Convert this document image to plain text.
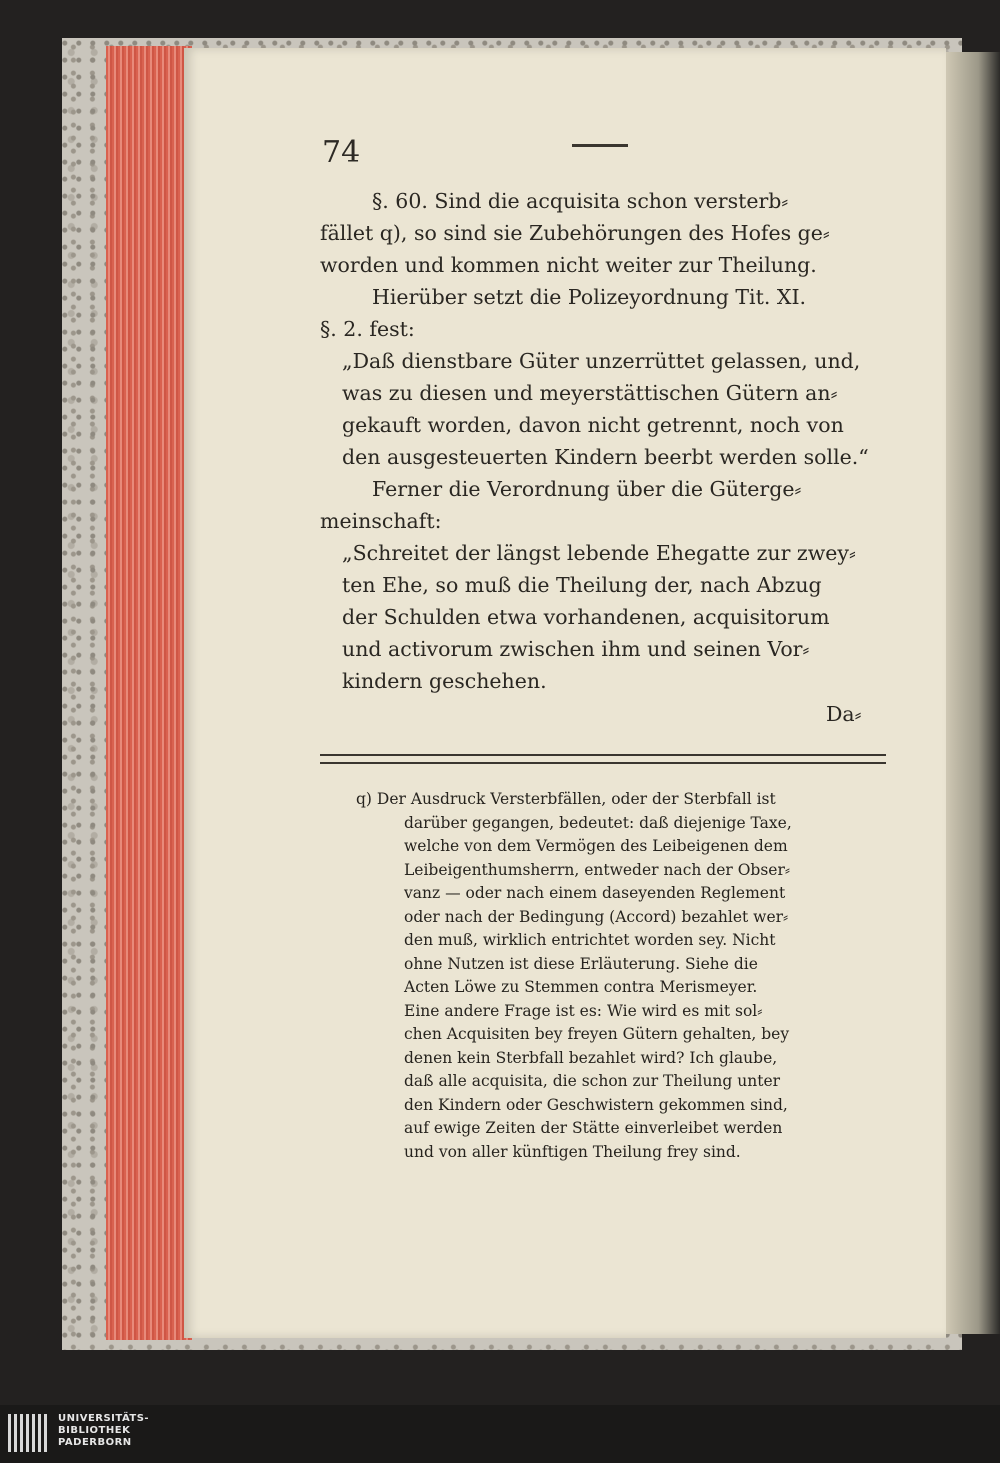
74
§. 60. Sind die acquisita schon versterb⸗
fället q), so sind sie Zubehörungen des Hofes ge⸗
worden und kommen nicht weiter zur Theilung.
Hierüber setzt die Polizeyordnung Tit. XI.
§. 2. fest:
„Daß dienstbare Güter unzerrüttet gelassen, und,
was zu diesen und meyerstättischen Gütern an⸗
gekauft worden, davon nicht getrennt, noch von
den ausgesteuerten Kindern beerbt werden solle.“
Ferner die Verordnung über die Güterge⸗
meinschaft:
„Schreitet der längst lebende Ehegatte zur zwey⸗
ten Ehe, so muß die Theilung der, nach Abzug
der Schulden etwa vorhandenen, acquisitorum
und activorum zwischen ihm und seinen Vor⸗
kindern geschehen.
Da⸗
q) Der Ausdruck Versterbfällen, oder der Sterbfall ist
darüber gegangen, bedeutet: daß diejenige Taxe,
welche von dem Vermögen des Leibeigenen dem
Leibeigenthumsherrn, entweder nach der Obser⸗
vanz — oder nach einem daseyenden Reglement
oder nach der Bedingung (Accord) bezahlet wer⸗
den muß, wirklich entrichtet worden sey. Nicht
ohne Nutzen ist diese Erläuterung. Siehe die
Acten Löwe zu Stemmen contra Merismeyer.
Eine andere Frage ist es: Wie wird es mit sol⸗
chen Acquisiten bey freyen Gütern gehalten, bey
denen kein Sterbfall bezahlet wird? Ich glaube,
daß alle acquisita, die schon zur Theilung unter
den Kindern oder Geschwistern gekommen sind,
auf ewige Zeiten der Stätte einverleibet werden
und von aller künftigen Theilung frey sind.
UNIVERSITÄTS-
BIBLIOTHEK
PADERBORN
